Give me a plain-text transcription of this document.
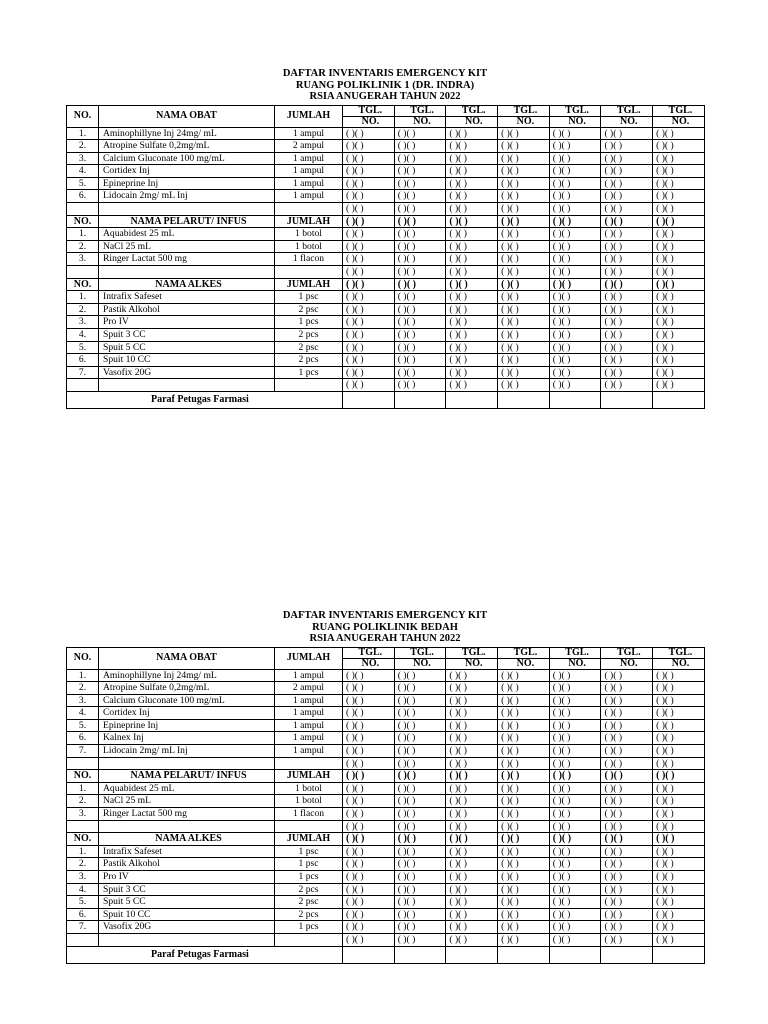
DAFTAR INVENTARIS EMERGENCY KIT
RUANG POLIKLINIK 1 (DR. INDRA)
RSIA ANUGERAH TAHUN 2022
NO.	NAMA OBAT	JUMLAH	TGL.	TGL.	TGL.	TGL.	TGL.	TGL.	TGL.
			NO.	NO.	NO.	NO.	NO.	NO.	NO.
1.	Aminophillyne Inj 24mg/ mL	1 ampul	( )( )	( )( )	( )( )	( )( )	( )( )	( )( )	( )( )
2.	Atropine Sulfate 0,2mg/mL	2 ampul	( )( )	( )( )	( )( )	( )( )	( )( )	( )( )	( )( )
3.	Calcium Gluconate 100 mg/mL	1 ampul	( )( )	( )( )	( )( )	( )( )	( )( )	( )( )	( )( )
4.	Cortidex Inj	1 ampul	( )( )	( )( )	( )( )	( )( )	( )( )	( )( )	( )( )
5.	Epineprine Inj	1 ampul	( )( )	( )( )	( )( )	( )( )	( )( )	( )( )	( )( )
6.	Lidocain 2mg/ mL Inj	1 ampul	( )( )	( )( )	( )( )	( )( )	( )( )	( )( )	( )( )
			( )( )	( )( )	( )( )	( )( )	( )( )	( )( )	( )( )
NO.	NAMA PELARUT/ INFUS	JUMLAH	( )( )	( )( )	( )( )	( )( )	( )( )	( )( )	( )( )
1.	Aquabidest 25 mL	1 botol	( )( )	( )( )	( )( )	( )( )	( )( )	( )( )	( )( )
2.	NaCl 25 mL	1 botol	( )( )	( )( )	( )( )	( )( )	( )( )	( )( )	( )( )
3.	Ringer Lactat 500 mg	1 flacon	( )( )	( )( )	( )( )	( )( )	( )( )	( )( )	( )( )
			( )( )	( )( )	( )( )	( )( )	( )( )	( )( )	( )( )
NO.	NAMA ALKES	JUMLAH	( )( )	( )( )	( )( )	( )( )	( )( )	( )( )	( )( )
1.	Intrafix Safeset	1 psc	( )( )	( )( )	( )( )	( )( )	( )( )	( )( )	( )( )
2.	Pastik Alkohol	2 psc	( )( )	( )( )	( )( )	( )( )	( )( )	( )( )	( )( )
3.	Pro IV	1 pcs	( )( )	( )( )	( )( )	( )( )	( )( )	( )( )	( )( )
4.	Spuit 3 CC	2 pcs	( )( )	( )( )	( )( )	( )( )	( )( )	( )( )	( )( )
5.	Spuit 5 CC	2 psc	( )( )	( )( )	( )( )	( )( )	( )( )	( )( )	( )( )
6.	Spuit 10 CC	2 pcs	( )( )	( )( )	( )( )	( )( )	( )( )	( )( )	( )( )
7.	Vasofix 20G	1 pcs	( )( )	( )( )	( )( )	( )( )	( )( )	( )( )	( )( )
			( )( )	( )( )	( )( )	( )( )	( )( )	( )( )	( )( )
Paraf Petugas Farmasi									
DAFTAR INVENTARIS EMERGENCY KIT
RUANG POLIKLINIK BEDAH
RSIA ANUGERAH TAHUN 2022
NO.	NAMA OBAT	JUMLAH	TGL.	TGL.	TGL.	TGL.	TGL.	TGL.	TGL.
			NO.	NO.	NO.	NO.	NO.	NO.	NO.
1.	Aminophillyne Inj 24mg/ mL	1 ampul	( )( )	( )( )	( )( )	( )( )	( )( )	( )( )	( )( )
2.	Atropine Sulfate 0,2mg/mL	2 ampul	( )( )	( )( )	( )( )	( )( )	( )( )	( )( )	( )( )
3.	Calcium Gluconate 100 mg/mL	1 ampul	( )( )	( )( )	( )( )	( )( )	( )( )	( )( )	( )( )
4.	Cortidex Inj	1 ampul	( )( )	( )( )	( )( )	( )( )	( )( )	( )( )	( )( )
5.	Epineprine Inj	1 ampul	( )( )	( )( )	( )( )	( )( )	( )( )	( )( )	( )( )
6.	Kalnex Inj	1 ampul	( )( )	( )( )	( )( )	( )( )	( )( )	( )( )	( )( )
7.	Lidocain 2mg/ mL Inj	1 ampul	( )( )	( )( )	( )( )	( )( )	( )( )	( )( )	( )( )
			( )( )	( )( )	( )( )	( )( )	( )( )	( )( )	( )( )
NO.	NAMA PELARUT/ INFUS	JUMLAH	( )( )	( )( )	( )( )	( )( )	( )( )	( )( )	( )( )
1.	Aquabidest 25 mL	1 botol	( )( )	( )( )	( )( )	( )( )	( )( )	( )( )	( )( )
2.	NaCl 25 mL	1 botol	( )( )	( )( )	( )( )	( )( )	( )( )	( )( )	( )( )
3.	Ringer Lactat 500 mg	1 flacon	( )( )	( )( )	( )( )	( )( )	( )( )	( )( )	( )( )
			( )( )	( )( )	( )( )	( )( )	( )( )	( )( )	( )( )
NO.	NAMA ALKES	JUMLAH	( )( )	( )( )	( )( )	( )( )	( )( )	( )( )	( )( )
1.	Intrafix Safeset	1 psc	( )( )	( )( )	( )( )	( )( )	( )( )	( )( )	( )( )
2.	Pastik Alkohol	1 psc	( )( )	( )( )	( )( )	( )( )	( )( )	( )( )	( )( )
3.	Pro IV	1 pcs	( )( )	( )( )	( )( )	( )( )	( )( )	( )( )	( )( )
4.	Spuit 3 CC	2 pcs	( )( )	( )( )	( )( )	( )( )	( )( )	( )( )	( )( )
5.	Spuit 5 CC	2 psc	( )( )	( )( )	( )( )	( )( )	( )( )	( )( )	( )( )
6.	Spuit 10 CC	2 pcs	( )( )	( )( )	( )( )	( )( )	( )( )	( )( )	( )( )
7.	Vasofix 20G	1 pcs	( )( )	( )( )	( )( )	( )( )	( )( )	( )( )	( )( )
			( )( )	( )( )	( )( )	( )( )	( )( )	( )( )	( )( )
Paraf Petugas Farmasi									
